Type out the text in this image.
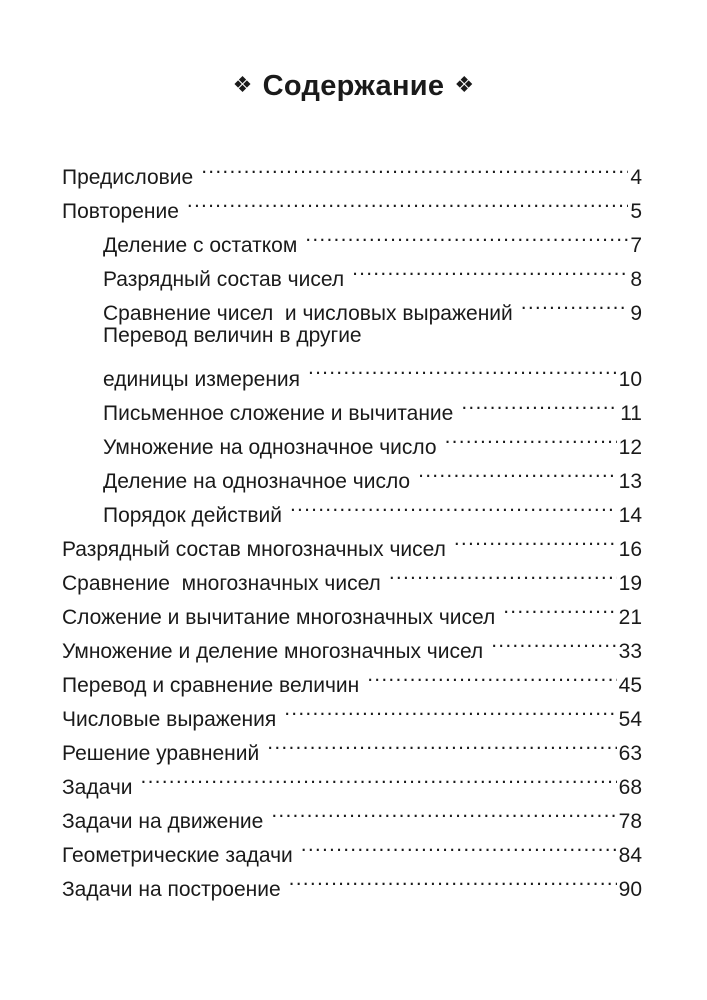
❖ Содержание ❖
Предисловие . . .	4
Повторение . . .	5
Деление с остатком . . .	7
Разрядный состав чисел . . .	8
Сравнение чисел  и числовых выражений . . .	9
Перевод величин в другие
единицы измерения . . .	10
Письменное сложение и вычитание . . .	11
Умножение на однозначное число . . .	12
Деление на однозначное число . . .	13
Порядок действий . . .	14
Разрядный состав многозначных чисел . . .	16
Сравнение  многозначных чисел . . .	19
Сложение и вычитание многозначных чисел . . .	21
Умножение и деление многозначных чисел . . .	33
Перевод и сравнение величин . . .	45
Числовые выражения . . .	54
Решение уравнений . . .	63
Задачи . . .	68
Задачи на движение . . .	78
Геометрические задачи . . .	84
Задачи на построение . . .	90
